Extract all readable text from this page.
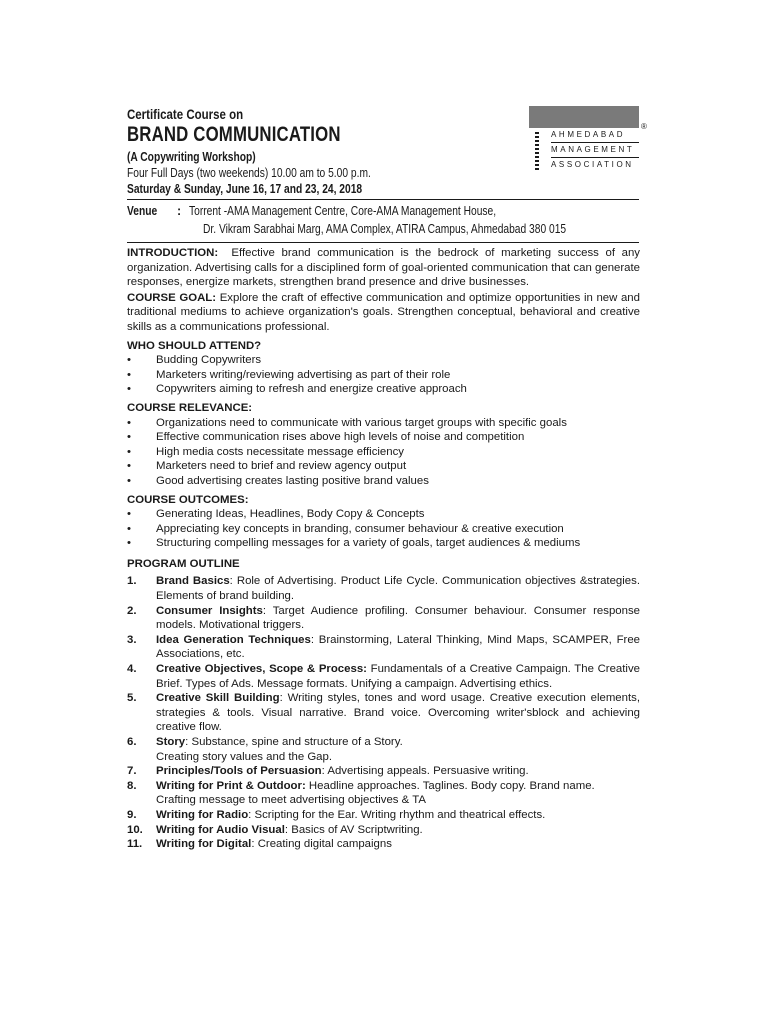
Certificate Course on
BRAND COMMUNICATION
(A Copywriting Workshop)
Four Full Days (two weekends) 10.00 am to 5.00 p.m.
Saturday & Sunday, June 16, 17 and 23, 24, 2018
®
AHMEDABAD
MANAGEMENT
ASSOCIATION
Venue : Torrent -AMA Management Centre, Core-AMA Management House,
Dr. Vikram Sarabhai Marg, AMA Complex, ATIRA Campus, Ahmedabad 380 015

INTRODUCTION: Effective brand communication is the bedrock of marketing success of any organization. Advertising calls for a disciplined form of goal-oriented communication that can generate responses, energize markets, strengthen brand presence and drive businesses.

COURSE GOAL: Explore the craft of effective communication and optimize opportunities in new and traditional mediums to achieve organization's goals. Strengthen conceptual, behavioral and creative skills as a communications professional.

WHO SHOULD ATTEND?
• Budding Copywriters
• Marketers writing/reviewing advertising as part of their role
• Copywriters aiming to refresh and energize creative approach
COURSE RELEVANCE:
• Organizations need to communicate with various target groups with specific goals
• Effective communication rises above high levels of noise and competition
• High media costs necessitate message efficiency
• Marketers need to brief and review agency output
• Good advertising creates lasting positive brand values
COURSE OUTCOMES:
• Generating Ideas, Headlines, Body Copy & Concepts
• Appreciating key concepts in branding, consumer behaviour & creative execution
• Structuring compelling messages for a variety of goals, target audiences & mediums
PROGRAM OUTLINE
1. Brand Basics: Role of Advertising. Product Life Cycle. Communication objectives &strategies. Elements of brand building.
2. Consumer Insights: Target Audience profiling. Consumer behaviour. Consumer response models. Motivational triggers.
3. Idea Generation Techniques: Brainstorming, Lateral Thinking, Mind Maps, SCAMPER, Free Associations, etc.
4. Creative Objectives, Scope & Process: Fundamentals of a Creative Campaign. The Creative Brief. Types of Ads. Message formats. Unifying a campaign. Advertising ethics.
5. Creative Skill Building: Writing styles, tones and word usage. Creative execution elements, strategies & tools. Visual narrative. Brand voice. Overcoming writer'sblock and achieving creative flow.
6. Story: Substance, spine and structure of a Story.
Creating story values and the Gap.
7. Principles/Tools of Persuasion: Advertising appeals. Persuasive writing.
8. Writing for Print & Outdoor: Headline approaches. Taglines. Body copy. Brand name.
Crafting message to meet advertising objectives & TA
9. Writing for Radio: Scripting for the Ear. Writing rhythm and theatrical effects.
10. Writing for Audio Visual: Basics of AV Scriptwriting.
11. Writing for Digital: Creating digital campaigns
